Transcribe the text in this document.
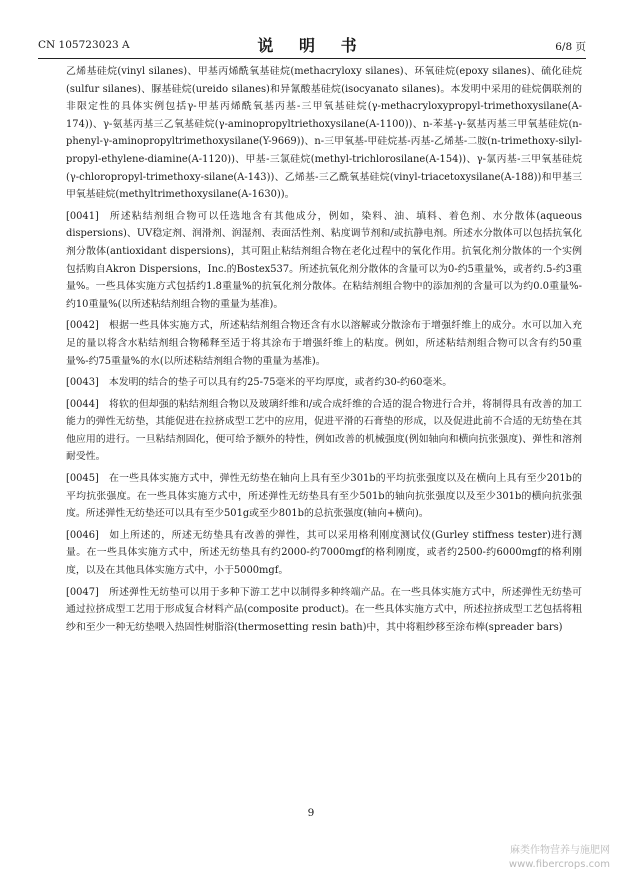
CN 105723023 A	说 明 书	6/8 页

乙烯基硅烷(vinyl silanes)、甲基丙烯酰氧基硅烷(methacryloxy silanes)、环氧硅烷(epoxy silanes)、硫化硅烷(sulfur silanes)、脲基硅烷(ureido silanes)和异氰酸基硅烷(isocyanato silanes)。本发明中采用的硅烷偶联剂的非限定性的具体实例包括γ-甲基丙烯酰氧基丙基-三甲氧基硅烷(γ-methacryloxypropyl-trimethoxysilane(A-174))、γ-氨基丙基三乙氧基硅烷(γ-aminopropyltriethoxysilane(A-1100))、n-苯基-γ-氨基丙基三甲氧基硅烷(n-phenyl-γ-aminopropyltrimethoxysilane(Y-9669))、n-三甲氧基-甲硅烷基-丙基-乙烯基-二胺(n-trimethoxy-silyl-propyl-ethylene-diamine(A-1120))、甲基-三氯硅烷(methyl-trichlorosilane(A-154))、γ-氯丙基-三甲氧基硅烷(γ-chloropropyl-trimethoxy-silane(A-143))、乙烯基-三乙酰氧基硅烷(vinyl-triacetoxysilane(A-188))和甲基三甲氧基硅烷(methyltrimethoxysilane(A-1630))。

[0041] 所述粘结剂组合物可以任选地含有其他成分，例如，染料、油、填料、着色剂、水分散体(aqueous dispersions)、UV稳定剂、润滑剂、润湿剂、表面活性剂、粘度调节剂和/或抗静电剂。所述水分散体可以包括抗氧化剂分散体(antioxidant dispersions)，其可阻止粘结剂组合物在老化过程中的氧化作用。抗氧化剂分散体的一个实例包括购自Akron Dispersions，Inc.的Bostex537。所述抗氧化剂分散体的含量可以为0-约5重量%，或者约.5-约3重量%。一些具体实施方式包括约1.8重量%的抗氧化剂分散体。在粘结剂组合物中的添加剂的含量可以为约0.0重量%-约10重量%(以所述粘结剂组合物的重量为基准)。

[0042] 根据一些具体实施方式，所述粘结剂组合物还含有水以溶解或分散涂布于增强纤维上的成分。水可以加入充足的量以将含水粘结剂组合物稀释至适于将其涂布于增强纤维上的粘度。例如，所述粘结剂组合物可以含有约50重量%-约75重量%的水(以所述粘结剂组合物的重量为基准)。

[0043] 本发明的结合的垫子可以具有约25-75毫米的平均厚度，或者约30-约60毫米。

[0044] 将软的但却强的粘结剂组合物以及玻璃纤维和/或合成纤维的合适的混合物进行合并，将制得具有改善的加工能力的弹性无纺垫，其能促进在拉挤成型工艺中的应用，促进平滑的石膏垫的形成，以及促进此前不合适的无纺垫在其他应用的进行。一旦粘结剂固化，便可给予额外的特性，例如改善的机械强度(例如轴向和横向抗张强度)、弹性和溶剂耐受性。

[0045] 在一些具体实施方式中，弹性无纺垫在轴向上具有至少301b的平均抗张强度以及在横向上具有至少201b的平均抗张强度。在一些具体实施方式中，所述弹性无纺垫具有至少501b的轴向抗张强度以及至少301b的横向抗张强度。所述弹性无纺垫还可以具有至少501g或至少801b的总抗张强度(轴向+横向)。

[0046] 如上所述的，所述无纺垫具有改善的弹性，其可以采用格利刚度测试仪(Gurley stiffness tester)进行测量。在一些具体实施方式中，所述无纺垫具有约2000-约7000mgf的格利刚度，或者约2500-约6000mgf的格利刚度，以及在其他具体实施方式中，小于5000mgf。

[0047] 所述弹性无纺垫可以用于多种下游工艺中以制得多种终端产品。在一些具体实施方式中，所述弹性无纺垫可通过拉挤成型工艺用于形成复合材料产品(composite product)。在一些具体实施方式中，所述拉挤成型工艺包括将粗纱和至少一种无纺垫喂入热固性树脂浴(thermosetting resin bath)中，其中将粗纱移至涂布棒(spreader bars)

9
麻类作物营养与施肥网
www.fibercrops.com
